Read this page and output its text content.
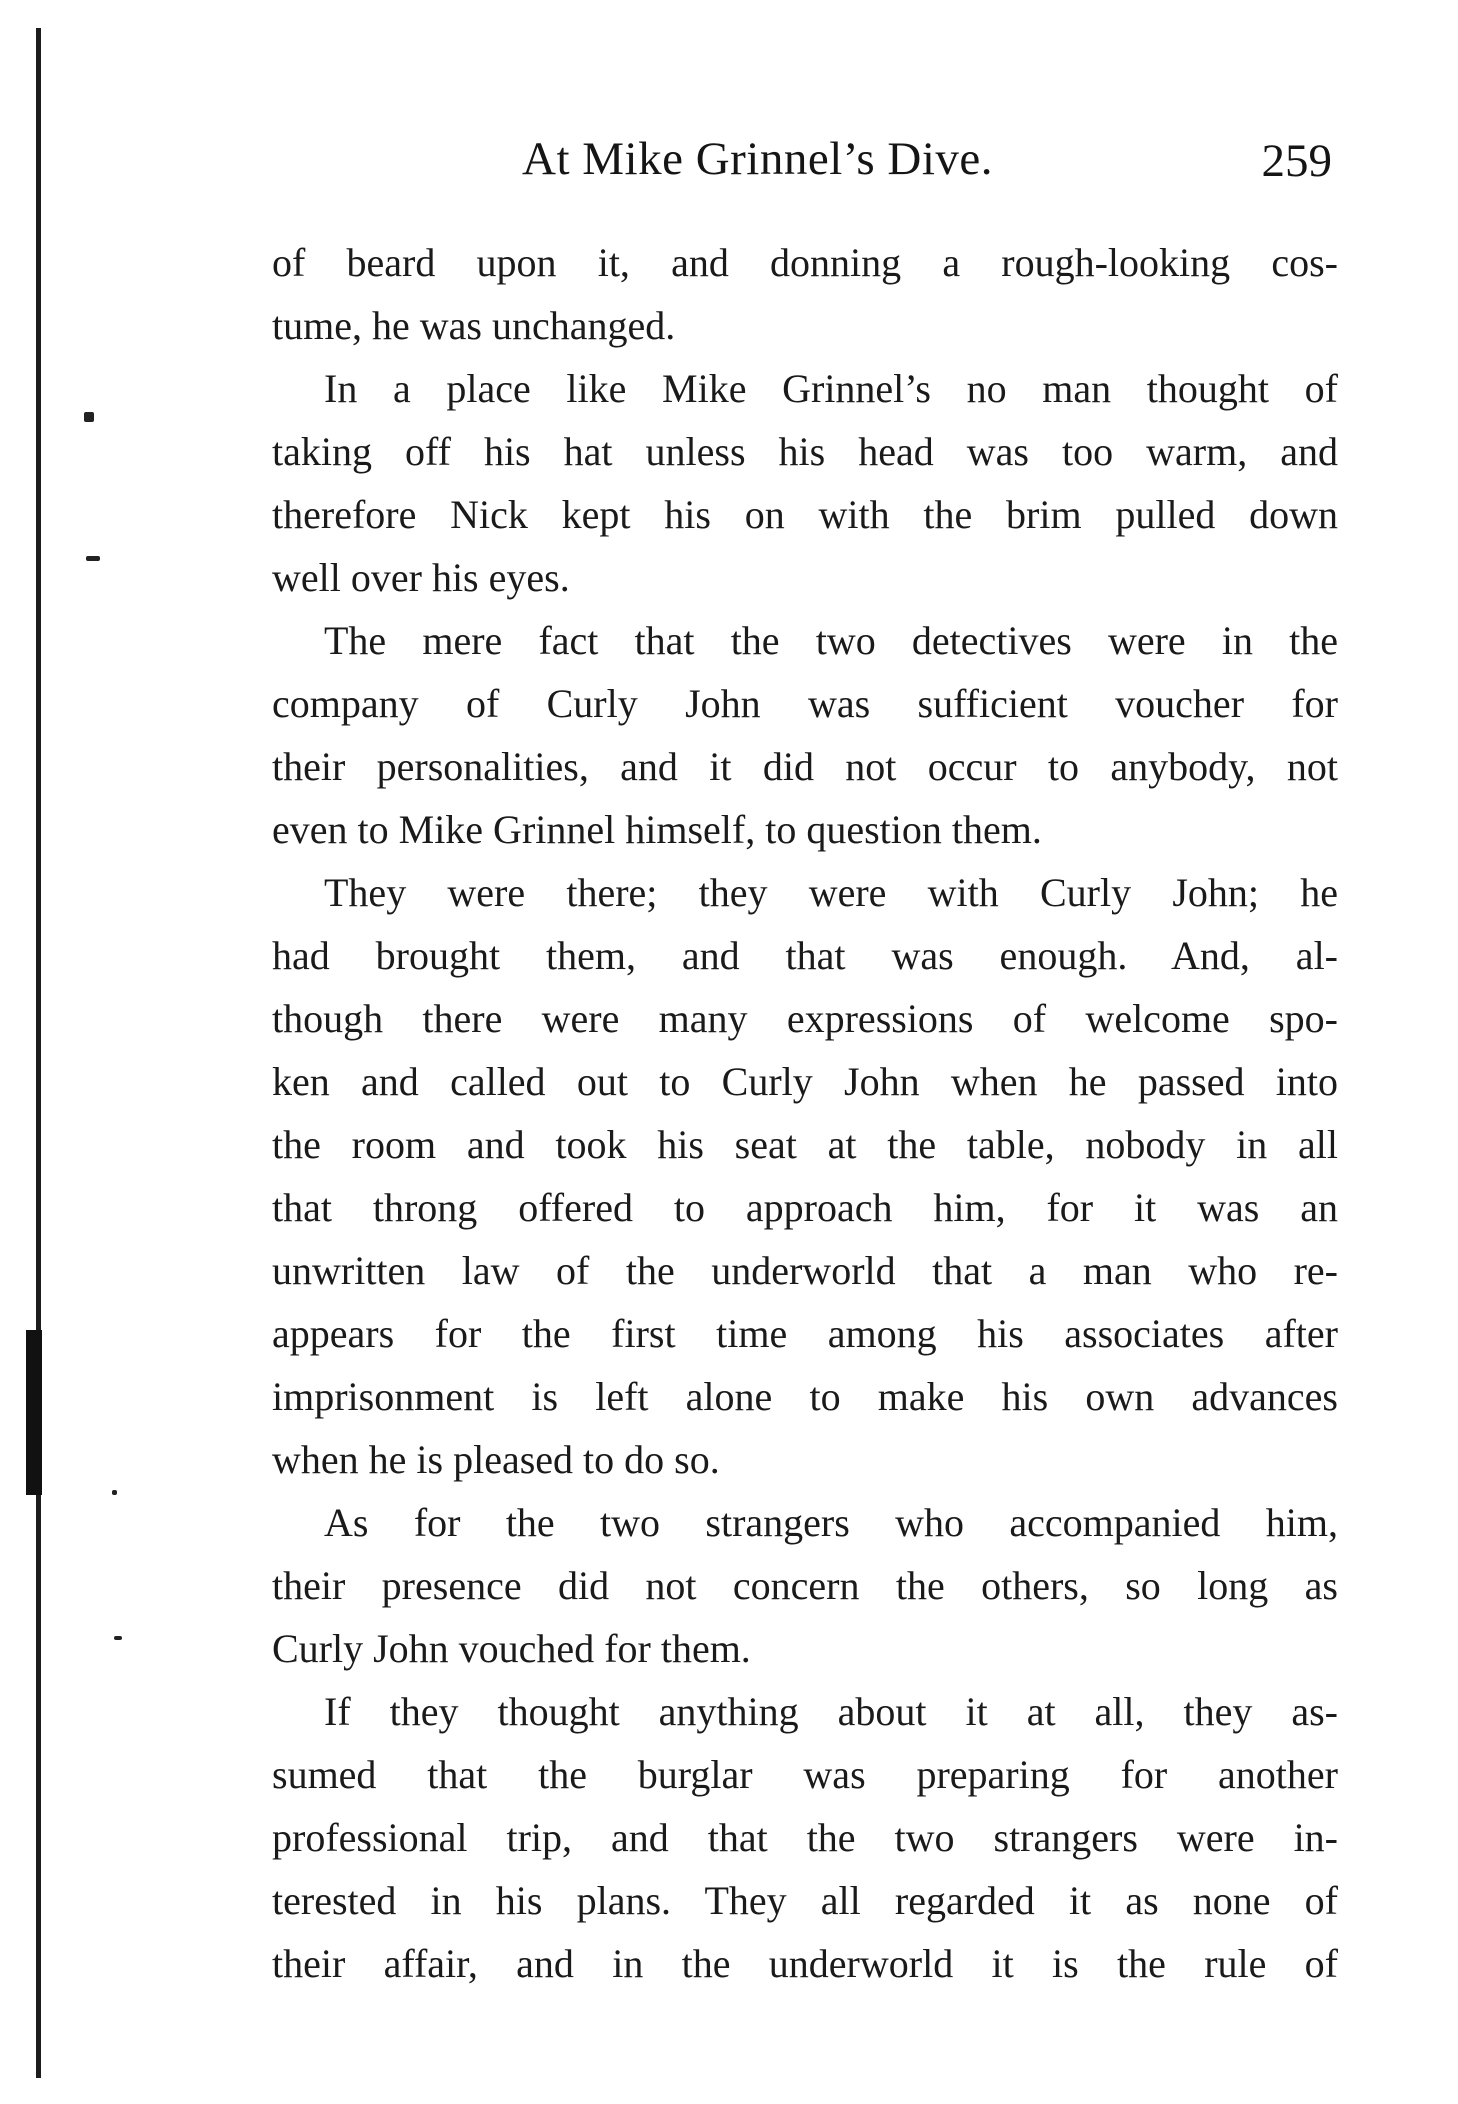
At Mike Grinnel’s Dive.	259
of beard upon it, and donning a rough-looking cos-
tume, he was unchanged.
In a place like Mike Grinnel’s no man thought of
taking off his hat unless his head was too warm, and
therefore Nick kept his on with the brim pulled down
well over his eyes.
The mere fact that the two detectives were in the
company of Curly John was sufficient voucher for
their personalities, and it did not occur to anybody, not
even to Mike Grinnel himself, to question them.
They were there; they were with Curly John; he
had brought them, and that was enough. And, al-
though there were many expressions of welcome spo-
ken and called out to Curly John when he passed into
the room and took his seat at the table, nobody in all
that throng offered to approach him, for it was an
unwritten law of the underworld that a man who re-
appears for the first time among his associates after
imprisonment is left alone to make his own advances
when he is pleased to do so.
As for the two strangers who accompanied him,
their presence did not concern the others, so long as
Curly John vouched for them.
If they thought anything about it at all, they as-
sumed that the burglar was preparing for another
professional trip, and that the two strangers were in-
terested in his plans. They all regarded it as none of
their affair, and in the underworld it is the rule of
